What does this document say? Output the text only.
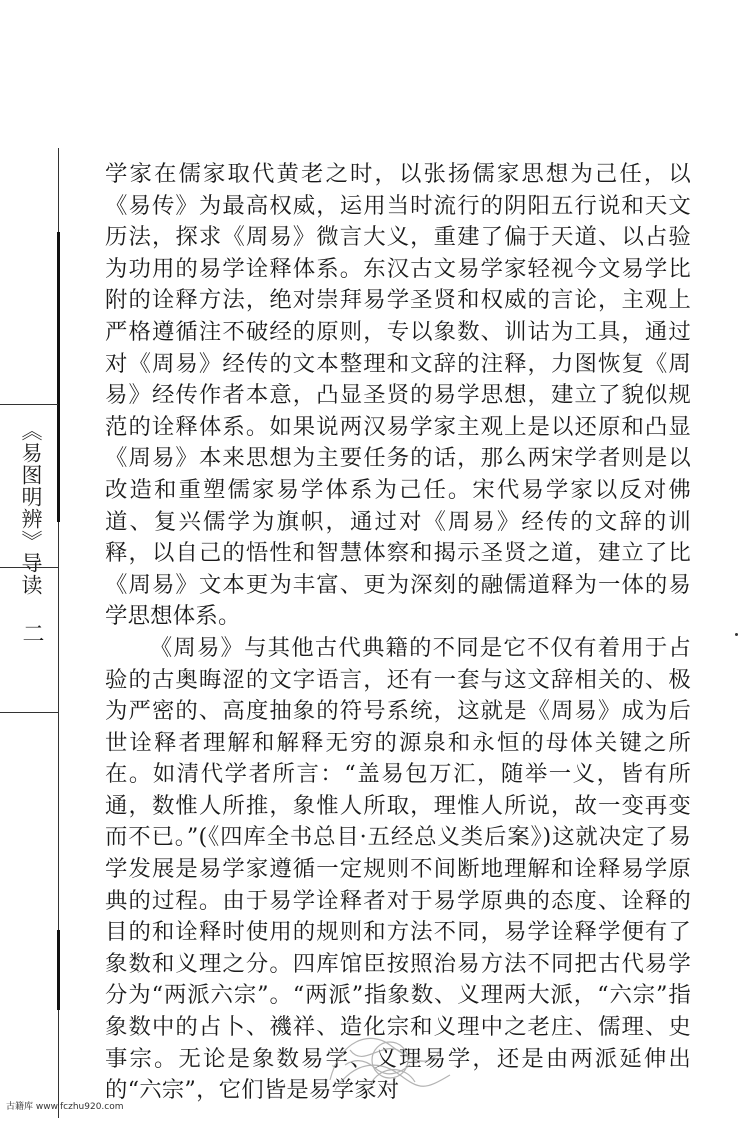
《易图明辨》导读
二

学家在儒家取代黄老之时，以张扬儒家思想为己任，以《易传》为最高权威，运用当时流行的阴阳五行说和天文历法，探求《周易》微言大义，重建了偏于天道、以占验为功用的易学诠释体系。东汉古文易学家轻视今文易学比附的诠释方法，绝对崇拜易学圣贤和权威的言论，主观上严格遵循注不破经的原则，专以象数、训诂为工具，通过对《周易》经传的文本整理和文辞的注释，力图恢复《周易》经传作者本意，凸显圣贤的易学思想，建立了貌似规范的诠释体系。如果说两汉易学家主观上是以还原和凸显《周易》本来思想为主要任务的话，那么两宋学者则是以改造和重塑儒家易学体系为己任。宋代易学家以反对佛道、复兴儒学为旗帜，通过对《周易》经传的文辞的训释，以自己的悟性和智慧体察和揭示圣贤之道，建立了比《周易》文本更为丰富、更为深刻的融儒道释为一体的易学思想体系。

《周易》与其他古代典籍的不同是它不仅有着用于占验的古奥晦涩的文字语言，还有一套与这文辞相关的、极为严密的、高度抽象的符号系统，这就是《周易》成为后世诠释者理解和解释无穷的源泉和永恒的母体关键之所在。如清代学者所言：“盖易包万汇，随举一义，皆有所通，数惟人所推，象惟人所取，理惟人所说，故一变再变而不已。”(《四库全书总目·五经总义类后案》)这就决定了易学发展是易学家遵循一定规则不间断地理解和诠释易学原典的过程。由于易学诠释者对于易学原典的态度、诠释的目的和诠释时使用的规则和方法不同，易学诠释学便有了象数和义理之分。四库馆臣按照治易方法不同把古代易学分为“两派六宗”。“两派”指象数、义理两大派，“六宗”指象数中的占卜、禨祥、造化宗和义理中之老庄、儒理、史事宗。无论是象数易学、义理易学，还是由两派延伸出的“六宗”，它们皆是易学家对

古籍库 www.fczhu920.com
